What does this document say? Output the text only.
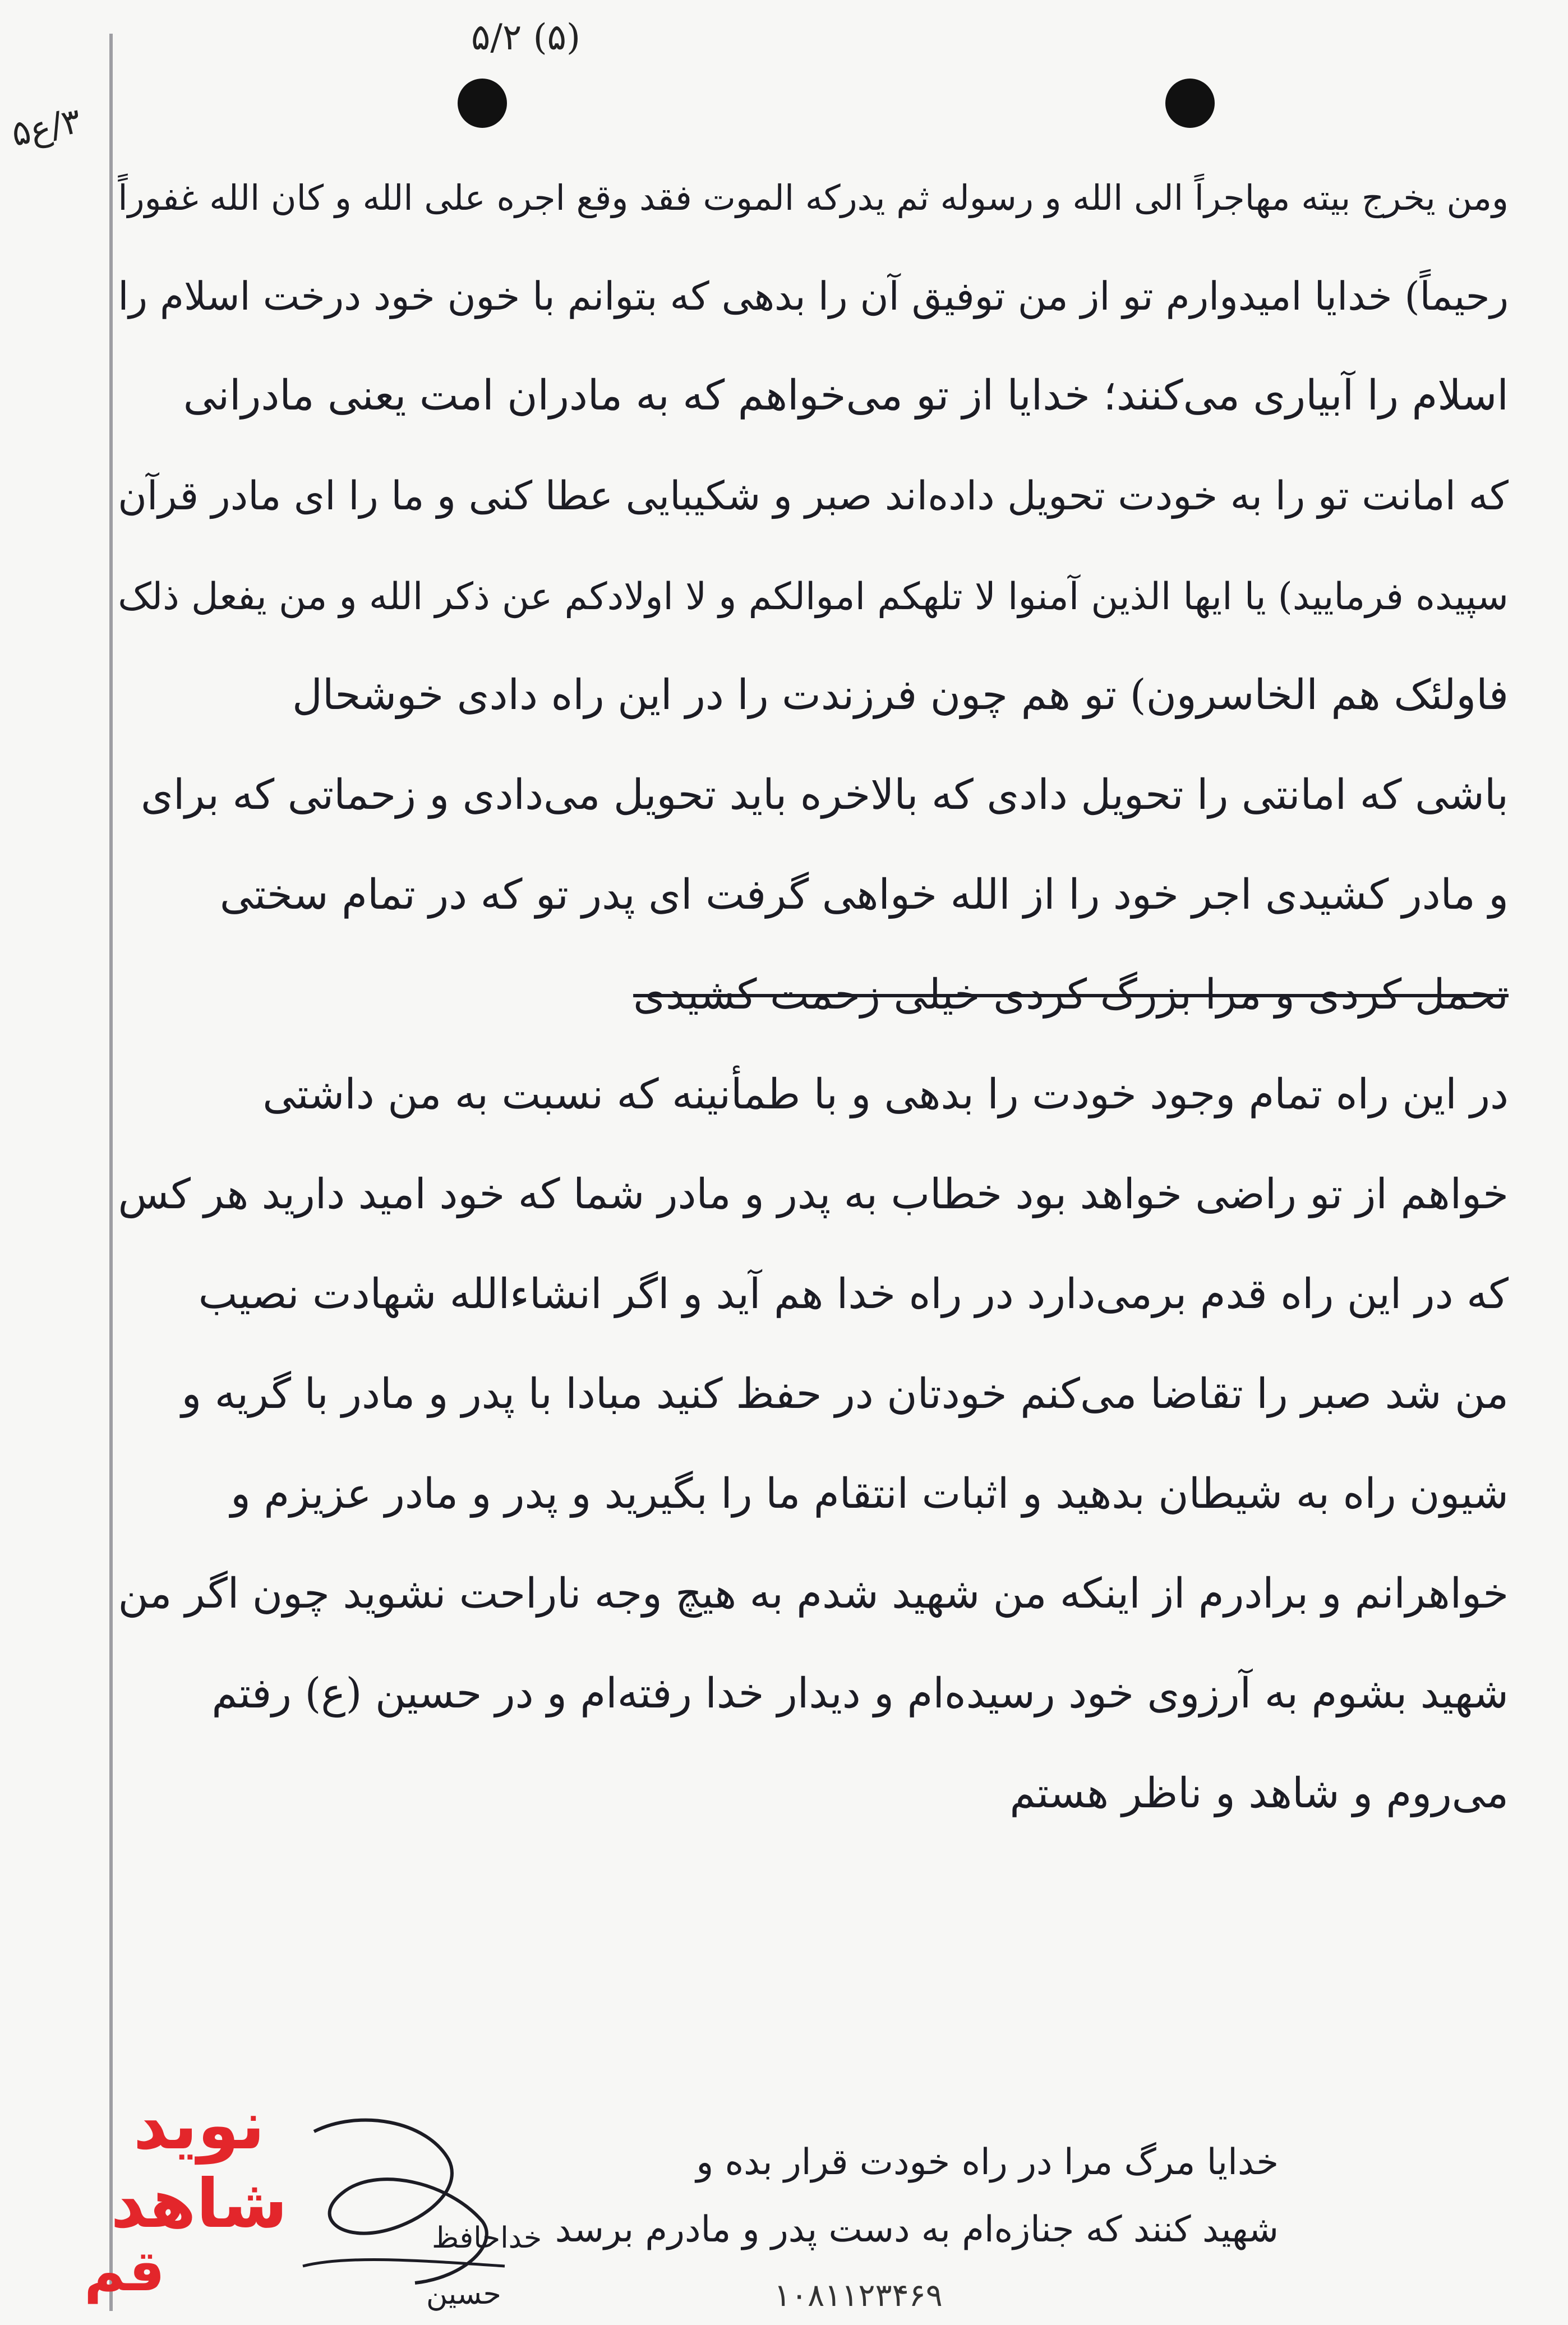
(۵) ۵/۲
۳/ع۵
ومن یخرج بیته مهاجراً الی الله و رسوله ثم یدرکه الموت فقد وقع اجره علی الله و کان الله غفوراً
رحیماً) خدایا امیدوارم تو از من توفیق آن را بدهی که بتوانم با خون خود درخت اسلام را
اسلام را آبیاری می‌کنند؛ خدایا از تو می‌خواهم که به مادران امت یعنی مادرانی
که امانت تو را به خودت تحویل داده‌اند صبر و شکیبایی عطا کنی و ما را ای مادر قرآن
سپیده فرمایید) یا ایها الذین آمنوا لا تلهکم اموالکم و لا اولادکم عن ذکر الله و من یفعل ذلک
فاولئک هم الخاسرون) تو هم چون فرزندت را در این راه دادی خوشحال
باشی که امانتی را تحویل دادی که بالاخره باید تحویل می‌دادی و زحماتی که برای
و مادر کشیدی اجر خود را از الله خواهی گرفت ای پدر تو که در تمام سختی
تحمل کردی و مرا بزرگ کردی خیلی زحمت کشیدی
در این راه تمام وجود خودت را بدهی و با طمأنینه که نسبت به من داشتی
خواهم از تو راضی خواهد بود خطاب به پدر و مادر شما که خود امید دارید هر کس
که در این راه قدم برمی‌دارد در راه خدا هم آید و اگر انشاءالله شهادت نصیب
من شد صبر را تقاضا می‌کنم خودتان در حفظ کنید مبادا با پدر و مادر با گریه و
شیون راه به شیطان بدهید و اثبات انتقام ما را بگیرید و پدر و مادر عزیزم و
خواهرانم و برادرم از اینکه من شهید شدم به هیچ وجه ناراحت نشوید چون اگر من
شهید بشوم به آرزوی خود رسیده‌ام و دیدار خدا رفته‌ام و در حسین (ع) رفتم
می‌روم و شاهد و ناظر هستم
خدایا مرگ مرا در راه خودت قرار بده و
شهید کنند که جنازه‌ام به دست پدر و مادرم برسد
خداحافظ
حسین
نوید
شاهد
قم	۱۰۸۱۱۲۳۴۶۹
